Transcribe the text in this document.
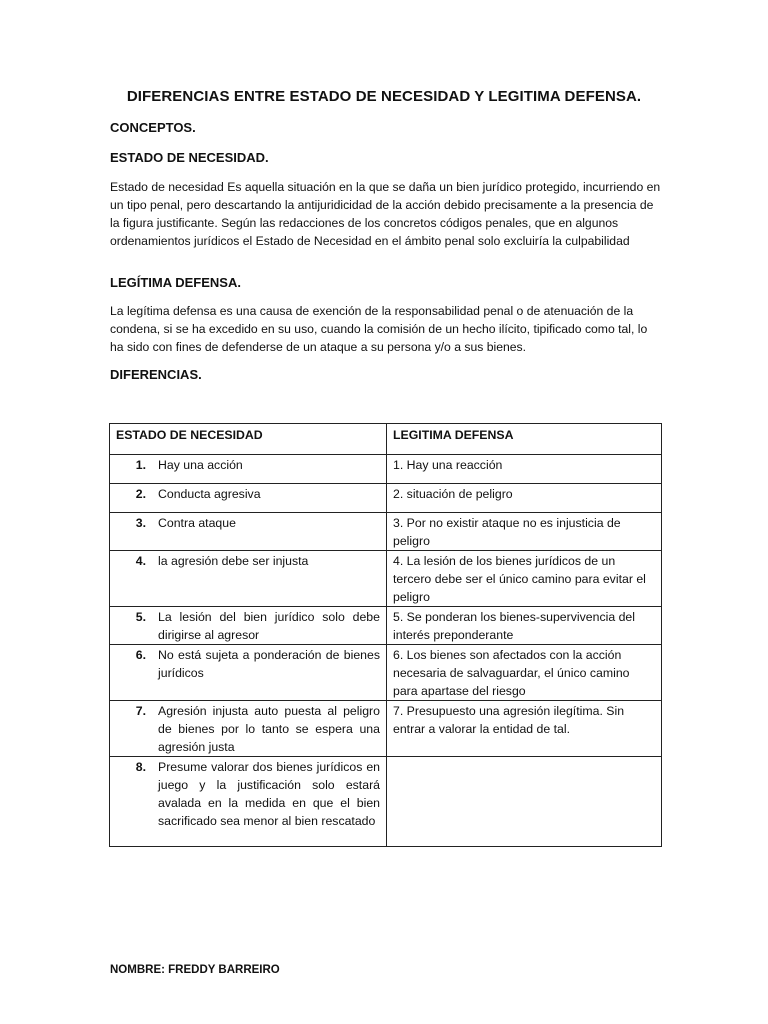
DIFERENCIAS ENTRE ESTADO DE NECESIDAD Y LEGITIMA DEFENSA.
CONCEPTOS.
ESTADO DE NECESIDAD.
Estado de necesidad Es aquella situación en la que se daña un bien jurídico protegido, incurriendo en un tipo penal, pero descartando la antijuridicidad de la acción debido precisamente a la presencia de la figura justificante. Según las redacciones de los concretos códigos penales, que en algunos ordenamientos jurídicos el Estado de Necesidad en el ámbito penal solo excluiría la culpabilidad
LEGÍTIMA DEFENSA.
La legítima defensa es una causa de exención de la responsabilidad penal o de atenuación de la condena, si se ha excedido en su uso, cuando la comisión de un hecho ilícito, tipificado como tal, lo ha sido con fines de defenderse de un ataque a su persona y/o a sus bienes.
DIFERENCIAS.
ESTADO DE NECESIDAD	LEGITIMA DEFENSA

1. Hay una acción	1. Hay una reacción

2. Conducta agresiva	2. situación de peligro

3. Contra ataque	3. Por no existir ataque no es injusticia de peligro

4. la agresión debe ser injusta	4. La lesión de los bienes jurídicos de un tercero debe ser el único camino para evitar el peligro

5. La lesión del bien jurídico solo debe dirigirse al agresor	5. Se ponderan los bienes-supervivencia del interés preponderante

6. No está sujeta a ponderación de bienes jurídicos	6. Los bienes son afectados con la acción necesaria de salvaguardar, el único camino para apartase del riesgo

7. Agresión injusta auto puesta al peligro de bienes por lo tanto se espera una agresión justa	7. Presupuesto una agresión ilegítima. Sin entrar a valorar la entidad de tal.

8. Presume valorar dos bienes jurídicos en juego y la justificación solo estará avalada en la medida en que el bien sacrificado sea menor al bien rescatado	

NOMBRE: FREDDY BARREIRO
